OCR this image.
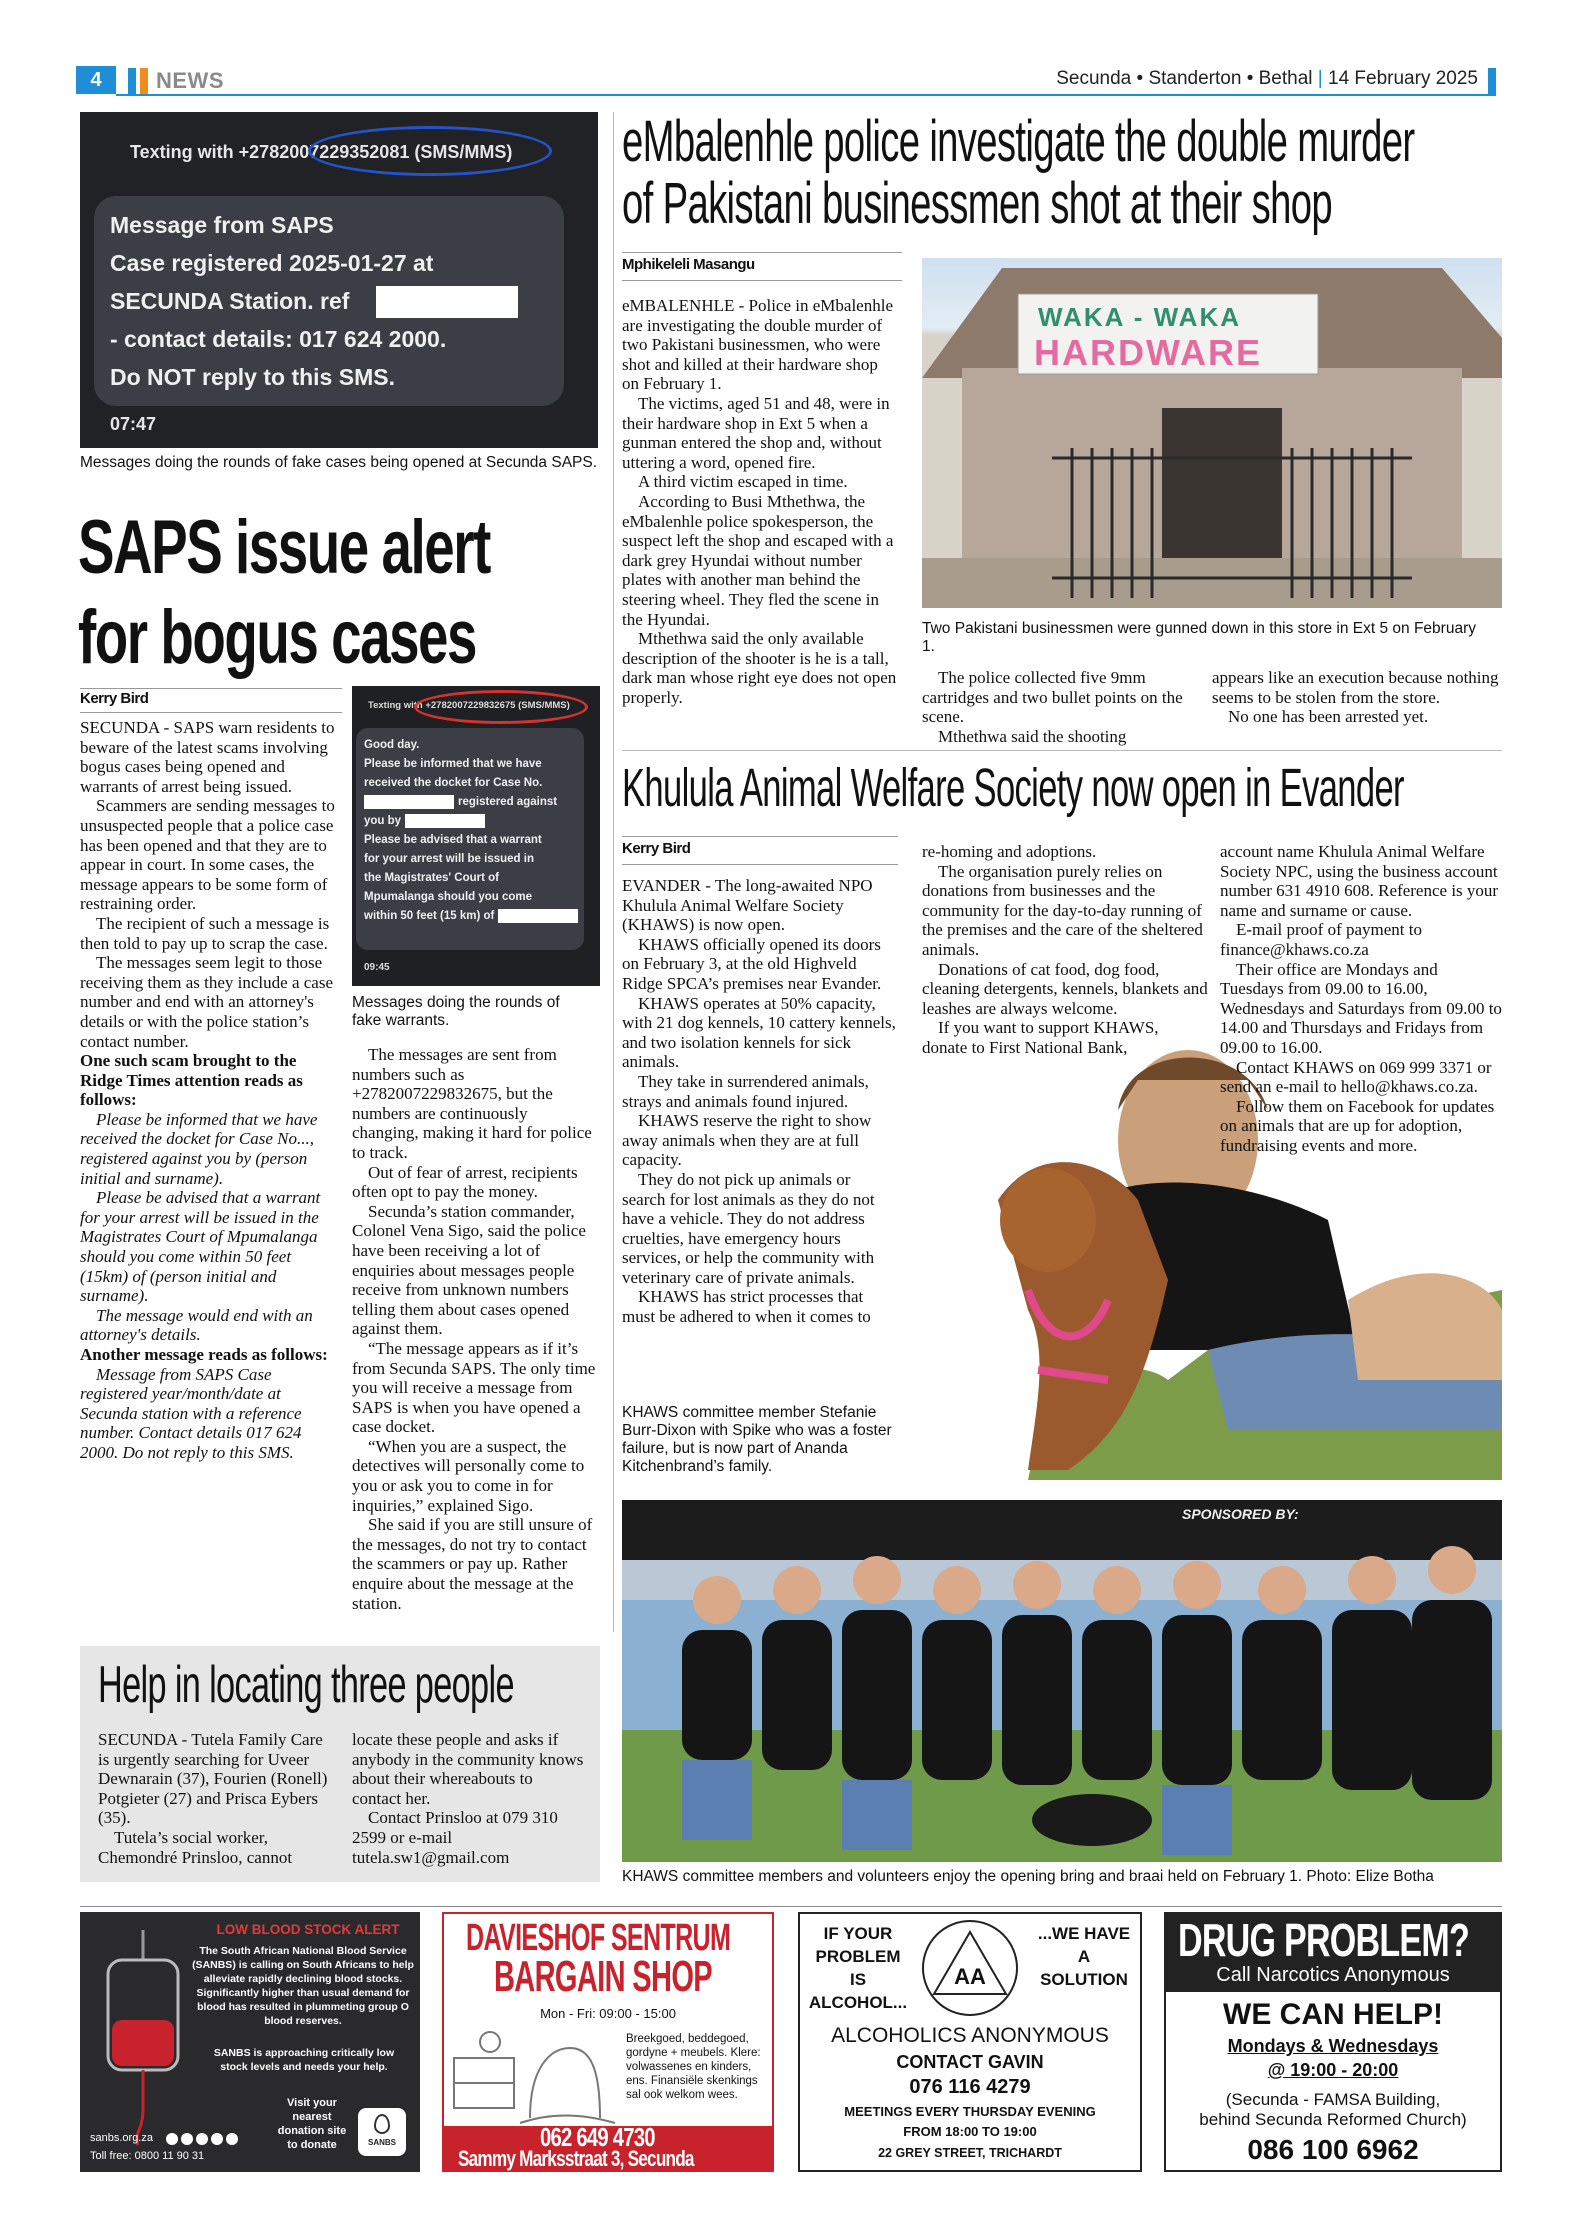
4	NEWS	Secunda • Standerton • Bethal | 14 February 2025
Texting with +2782007229352081 (SMS/MMS)
Message from SAPS
Case registered 2025-01-27 at
SECUNDA Station. ref
- contact details: 017 624 2000.
Do NOT reply to this SMS.
07:47
Messages doing the rounds of fake cases being opened at Secunda SAPS.
SAPS issue alert
for bogus cases
Kerry Bird

SECUNDA - SAPS warn residents to beware of the latest scams involving bogus cases being opened and warrants of arrest being issued.

Scammers are sending messages to unsuspected people that a police case has been opened and that they are to appear in court. In some cases, the message appears to be some form of restraining order.

The recipient of such a message is then told to pay up to scrap the case.

The messages seem legit to those receiving them as they include a case number and end with an attorney's details or with the police station’s contact number.

One such scam brought to the Ridge Times attention reads as follows:

Please be informed that we have received the docket for Case No..., registered against you by (person initial and surname).

Please be advised that a warrant for your arrest will be issued in the Magistrates Court of Mpumalanga should you come within 50 feet (15km) of (person initial and surname).

The message would end with an attorney's details.

Another message reads as follows:

Message from SAPS Case registered year/month/date at Secunda station with a reference number. Contact details 017 624 2000. Do not reply to this SMS.

Texting with +2782007229832675 (SMS/MMS)
Good day.
Please be informed that we have
received the docket for Case No.
registered against
you by
Please be advised that a warrant
for your arrest will be issued in
the Magistrates' Court of
Mpumalanga should you come
within 50 feet (15 km) of
09:45
Messages doing the rounds of fake warrants.

The messages are sent from numbers such as +2782007229832675, but the numbers are continuously changing, making it hard for police to track.

Out of fear of arrest, recipients often opt to pay the money.

Secunda’s station commander, Colonel Vena Sigo, said the police have been receiving a lot of enquiries about messages people receive from unknown numbers telling them about cases opened against them.

“The message appears as if it’s from Secunda SAPS. The only time you will receive a message from SAPS is when you have opened a case docket.

“When you are a suspect, the detectives will personally come to you or ask you to come in for inquiries,” explained Sigo.

She said if you are still unsure of the messages, do not try to contact the scammers or pay up. Rather enquire about the message at the station.

eMbalenhle police investigate the double murder
of Pakistani businessmen shot at their shop
Mphikeleli Masangu

eMBALENHLE - Police in eMbalenhle are investigating the double murder of two Pakistani businessmen, who were shot and killed at their hardware shop on February 1.

The victims, aged 51 and 48, were in their hardware shop in Ext 5 when a gunman entered the shop and, without uttering a word, opened fire.

A third victim escaped in time.

According to Busi Mthethwa, the eMbalenhle police spokesperson, the suspect left the shop and escaped with a dark grey Hyundai without number plates with another man behind the steering wheel. They fled the scene in the Hyundai.

Mthethwa said the only available description of the shooter is he is a tall, dark man whose right eye does not open properly.

WAKA - WAKA
HARDWARE
Two Pakistani businessmen were gunned down in this store in Ext 5 on February 1.

The police collected five 9mm cartridges and two bullet points on the scene.

Mthethwa said the shooting

appears like an execution because nothing seems to be stolen from the store.

No one has been arrested yet.

Khulula Animal Welfare Society now open in Evander
Kerry Bird

EVANDER - The long-awaited NPO Khulula Animal Welfare Society (KHAWS) is now open.

KHAWS officially opened its doors on February 3, at the old Highveld Ridge SPCA’s premises near Evander.

KHAWS operates at 50% capacity, with 21 dog kennels, 10 cattery kennels, and two isolation kennels for sick animals.

They take in surrendered animals, strays and animals found injured.

KHAWS reserve the right to show away animals when they are at full capacity.

They do not pick up animals or search for lost animals as they do not have a vehicle. They do not address cruelties, have emergency hours services, or help the community with veterinary care of private animals.

KHAWS has strict processes that must be adhered to when it comes to

re-homing and adoptions.

The organisation purely relies on donations from businesses and the community for the day-to-day running of the premises and the care of the sheltered animals.

Donations of cat food, dog food, cleaning detergents, kennels, blankets and leashes are always welcome.

If you want to support KHAWS, donate to First National Bank,

account name Khulula Animal Welfare Society NPC, using the business account number 631 4910 608. Reference is your name and surname or cause.

E-mail proof of payment to finance@khaws.co.za

Their office are Mondays and Tuesdays from 09.00 to 16.00, Wednesdays and Saturdays from 09.00 to 14.00 and Thursdays and Fridays from 09.00 to 16.00.

Contact KHAWS on 069 999 3371 or send an e-mail to hello@khaws.co.za.

Follow them on Facebook for updates on animals that are up for adoption, fundraising events and more.

KHAWS committee member Stefanie Burr-Dixon with Spike who was a foster failure, but is now part of Ananda Kitchenbrand’s family.
SPONSORED BY:
KHAWS committee members and volunteers enjoy the opening bring and braai held on February 1. Photo: Elize Botha
Help in locating three people

SECUNDA - Tutela Family Care is urgently searching for Uveer Dewnarain (37), Fourien (Ronell) Potgieter (27) and Prisca Eybers (35).

Tutela’s social worker, Chemondré Prinsloo, cannot

locate these people and asks if anybody in the community knows about their whereabouts to contact her.

Contact Prinsloo at 079 310 2599 or e-mail tutela.sw1@gmail.com

LOW BLOOD STOCK ALERT
The South African National Blood Service (SANBS) is calling on South Africans to help alleviate rapidly declining blood stocks. Significantly higher than usual demand for blood has resulted in plummeting group O blood reserves.
SANBS is approaching critically low stock levels and needs your help.
Visit your nearest donation site to donate	SANBS
sanbs.org.za
Toll free: 0800 11 90 31
DAVIESHOF SENTRUM
BARGAIN SHOP
Mon - Fri: 09:00 - 15:00
Breekgoed, beddegoed, gordyne + meubels. Klere: volwassenes en kinders, ens. Finansiële skenkings sal ook welkom wees.
062 649 4730
Sammy Marksstraat 3, Secunda
IF YOUR PROBLEM IS ALCOHOL...
AA
...WE HAVE A SOLUTION
ALCOHOLICS ANONYMOUS
CONTACT GAVIN
076 116 4279
MEETINGS EVERY THURSDAY EVENING
FROM 18:00 TO 19:00
22 GREY STREET, TRICHARDT
DRUG PROBLEM?
Call Narcotics Anonymous
WE CAN HELP!
Mondays & Wednesdays
@ 19:00 - 20:00
(Secunda - FAMSA Building,
behind Secunda Reformed Church)
086 100 6962
